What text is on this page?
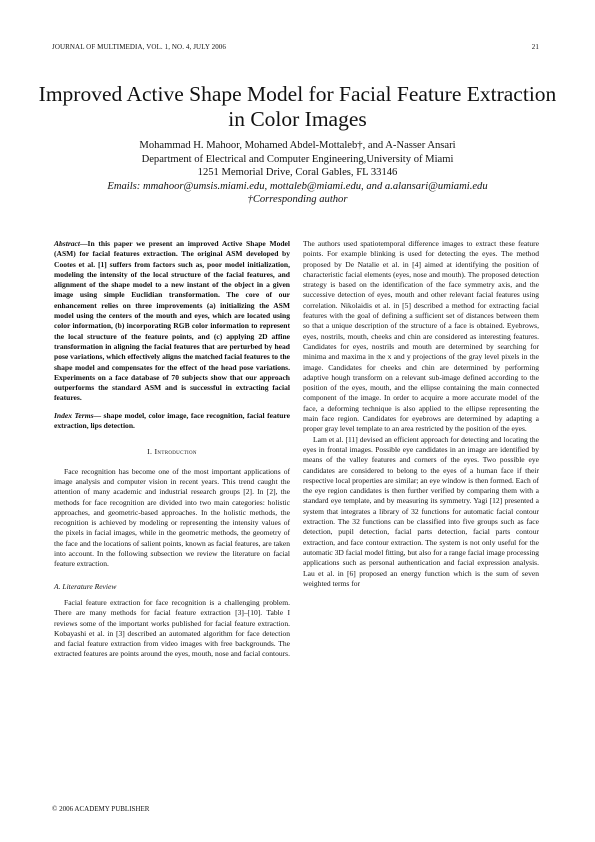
JOURNAL OF MULTIMEDIA, VOL. 1, NO. 4, JULY 2006	21
Improved Active Shape Model for Facial Feature Extraction in Color Images
Mohammad H. Mahoor, Mohamed Abdel-Mottaleb†, and A-Nasser Ansari
Department of Electrical and Computer Engineering,University of Miami
1251 Memorial Drive, Coral Gables, FL 33146
Emails: mmahoor@umsis.miami.edu, mottaleb@miami.edu, and a.alansari@umiami.edu
†Corresponding author

Abstract—In this paper we present an improved Active Shape Model (ASM) for facial features extraction. The original ASM developed by Cootes et al. [1] suffers from factors such as, poor model initialization, modeling the intensity of the local structure of the facial features, and alignment of the shape model to a new instant of the object in a given image using simple Euclidian transformation. The core of our enhancement relies on three improvements (a) initializing the ASM model using the centers of the mouth and eyes, which are located using color information, (b) incorporating RGB color information to represent the local structure of the feature points, and (c) applying 2D affine transformation in aligning the facial features that are perturbed by head pose variations, which effectively aligns the matched facial features to the shape model and compensates for the effect of the head pose variations. Experiments on a face database of 70 subjects show that our approach outperforms the standard ASM and is successful in extracting facial features.

Index Terms— shape model, color image, face recognition, facial feature extraction, lips detection.

I. Introduction

Face recognition has become one of the most important applications of image analysis and computer vision in recent years. This trend caught the attention of many academic and industrial research groups [2]. In [2], the methods for face recognition are divided into two main categories: holistic approaches, and geometric-based approaches. In the holistic methods, the recognition is achieved by modeling or representing the intensity values of the pixels in facial images, while in the geometric methods, the geometry of the face and the locations of salient points, known as facial features, are taken into account. In the following subsection we review the literature on facial feature extraction.

A. Literature Review

Facial feature extraction for face recognition is a challenging problem. There are many methods for facial feature extraction [3]–[10]. Table I reviews some of the important works published for facial feature extraction. Kobayashi et al. in [3] described an automated algorithm for face detection and facial feature extraction from video images with free backgrounds. The extracted features are points around the eyes, mouth, nose and facial contours.

The authors used spatiotemporal difference images to extract these feature points. For example blinking is used for detecting the eyes. The method proposed by De Natalie et al. in [4] aimed at identifying the position of characteristic facial elements (eyes, nose and mouth). The proposed detection strategy is based on the identification of the face symmetry axis, and the successive detection of eyes, mouth and other relevant facial features using correlation. Nikolaidis et al. in [5] described a method for extracting facial features with the goal of defining a sufficient set of distances between them so that a unique description of the structure of a face is obtained. Eyebrows, eyes, nostrils, mouth, cheeks and chin are considered as interesting features. Candidates for eyes, nostrils and mouth are determined by searching for minima and maxima in the x and y projections of the gray level pixels in the image. Candidates for cheeks and chin are determined by performing adaptive hough transform on a relevant sub-image defined according to the position of the eyes, mouth, and the ellipse containing the main connected component of the image. In order to acquire a more accurate model of the face, a deforming technique is also applied to the ellipse representing the main face region. Candidates for eyebrows are determined by adapting a proper gray level template to an area restricted by the position of the eyes.

Lam et al. [11] devised an efficient approach for detecting and locating the eyes in frontal images. Possible eye candidates in an image are identified by means of the valley features and corners of the eyes. Two possible eye candidates are considered to belong to the eyes of a human face if their respective local properties are similar; an eye window is then formed. Each of the eye region candidates is then further verified by comparing them with a standard eye template, and by measuring its symmetry. Yagi [12] presented a system that integrates a library of 32 functions for automatic facial contour extraction. The 32 functions can be classified into five groups such as face detection, pupil detection, facial parts detection, facial parts contour extraction, and face contour extraction. The system is not only useful for the automatic 3D facial model fitting, but also for a range facial image processing applications such as personal authentication and facial expression analysis. Lau et al. in [6] proposed an energy function which is the sum of seven weighted terms for

© 2006 ACADEMY PUBLISHER
